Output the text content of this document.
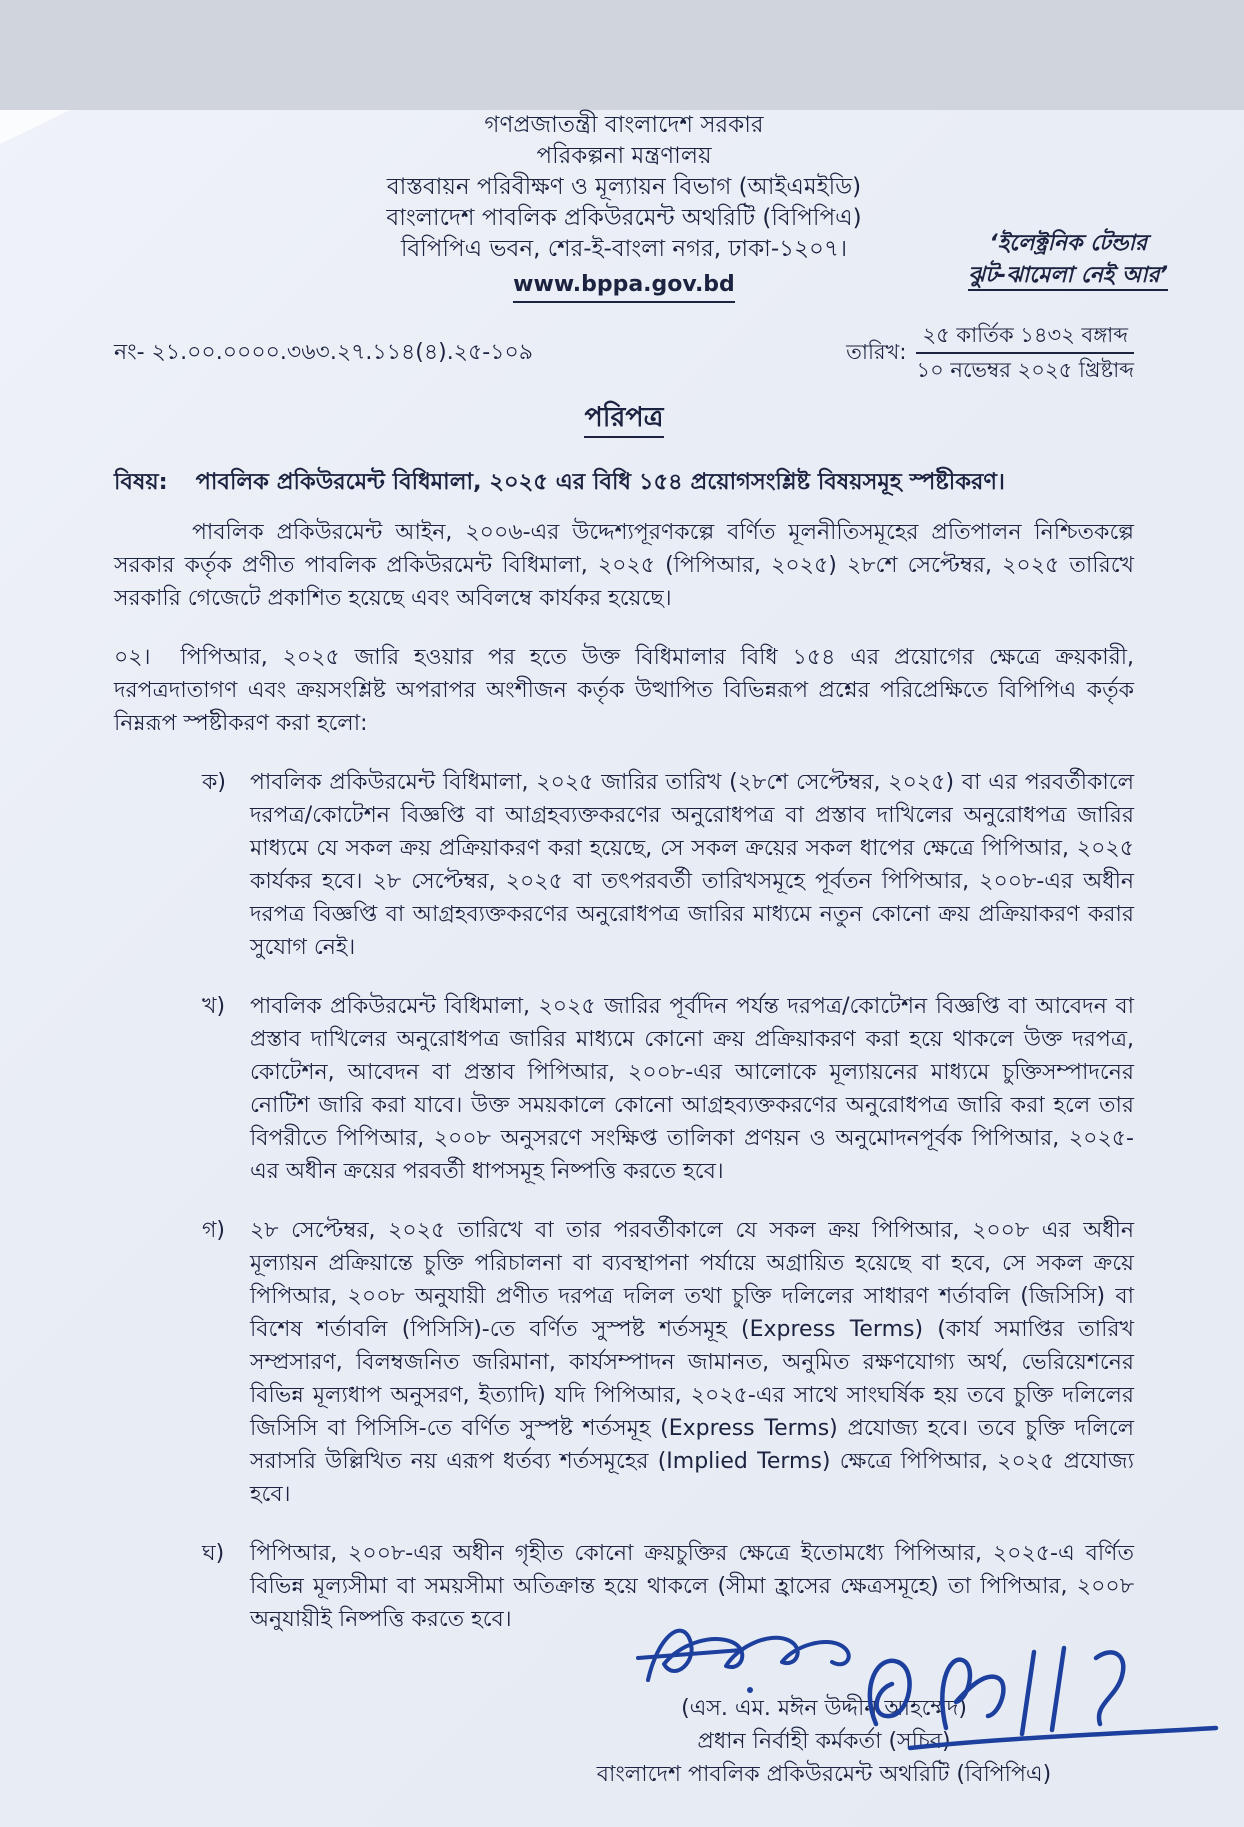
‘ইলেক্ট্রনিক টেন্ডার
ঝুট-ঝামেলা নেই আর’
গণপ্রজাতন্ত্রী বাংলাদেশ সরকার
পরিকল্পনা মন্ত্রণালয়
বাস্তবায়ন পরিবীক্ষণ ও মূল্যায়ন বিভাগ (আইএমইডি)
বাংলাদেশ পাবলিক প্রকিউরমেন্ট অথরিটি (বিপিপিএ)
বিপিপিএ ভবন, শের-ই-বাংলা নগর, ঢাকা-১২০৭।
www.bppa.gov.bd
নং- ২১.০০.০০০০.৩৬৩.২৭.১১৪(৪).২৫-১০৯	তারিখ:
২৫ কার্তিক ১৪৩২ বঙ্গাব্দ
১০ নভেম্বর ২০২৫ খ্রিষ্টাব্দ
পরিপত্র
বিষয়: পাবলিক প্রকিউরমেন্ট বিধিমালা, ২০২৫ এর বিধি ১৫৪ প্রয়োগসংশ্লিষ্ট বিষয়সমূহ স্পষ্টীকরণ।

পাবলিক প্রকিউরমেন্ট আইন, ২০০৬-এর উদ্দেশ্যপূরণকল্পে বর্ণিত মূলনীতিসমূহের প্রতিপালন নিশ্চিতকল্পে সরকার কর্তৃক প্রণীত পাবলিক প্রকিউরমেন্ট বিধিমালা, ২০২৫ (পিপিআর, ২০২৫) ২৮শে সেপ্টেম্বর, ২০২৫ তারিখে সরকারি গেজেটে প্রকাশিত হয়েছে এবং অবিলম্বে কার্যকর হয়েছে।

০২। পিপিআর, ২০২৫ জারি হওয়ার পর হতে উক্ত বিধিমালার বিধি ১৫৪ এর প্রয়োগের ক্ষেত্রে ক্রয়কারী, দরপত্রদাতাগণ এবং ক্রয়সংশ্লিষ্ট অপরাপর অংশীজন কর্তৃক উত্থাপিত বিভিন্নরূপ প্রশ্নের পরিপ্রেক্ষিতে বিপিপিএ কর্তৃক নিম্নরূপ স্পষ্টীকরণ করা হলো:

ক)	পাবলিক প্রকিউরমেন্ট বিধিমালা, ২০২৫ জারির তারিখ (২৮শে সেপ্টেম্বর, ২০২৫) বা এর পরবর্তীকালে দরপত্র/কোটেশন বিজ্ঞপ্তি বা আগ্রহব্যক্তকরণের অনুরোধপত্র বা প্রস্তাব দাখিলের অনুরোধপত্র জারির মাধ্যমে যে সকল ক্রয় প্রক্রিয়াকরণ করা হয়েছে, সে সকল ক্রয়ের সকল ধাপের ক্ষেত্রে পিপিআর, ২০২৫ কার্যকর হবে। ২৮ সেপ্টেম্বর, ২০২৫ বা তৎপরবর্তী তারিখসমূহে পূর্বতন পিপিআর, ২০০৮-এর অধীন দরপত্র বিজ্ঞপ্তি বা আগ্রহব্যক্তকরণের অনুরোধপত্র জারির মাধ্যমে নতুন কোনো ক্রয় প্রক্রিয়াকরণ করার সুযোগ নেই।
খ)	পাবলিক প্রকিউরমেন্ট বিধিমালা, ২০২৫ জারির পূর্বদিন পর্যন্ত দরপত্র/কোটেশন বিজ্ঞপ্তি বা আবেদন বা প্রস্তাব দাখিলের অনুরোধপত্র জারির মাধ্যমে কোনো ক্রয় প্রক্রিয়াকরণ করা হয়ে থাকলে উক্ত দরপত্র, কোটেশন, আবেদন বা প্রস্তাব পিপিআর, ২০০৮-এর আলোকে মূল্যায়নের মাধ্যমে চুক্তিসম্পাদনের নোটিশ জারি করা যাবে। উক্ত সময়কালে কোনো আগ্রহব্যক্তকরণের অনুরোধপত্র জারি করা হলে তার বিপরীতে পিপিআর, ২০০৮ অনুসরণে সংক্ষিপ্ত তালিকা প্রণয়ন ও অনুমোদনপূর্বক পিপিআর, ২০২৫-এর অধীন ক্রয়ের পরবর্তী ধাপসমূহ নিষ্পত্তি করতে হবে।
গ)	২৮ সেপ্টেম্বর, ২০২৫ তারিখে বা তার পরবর্তীকালে যে সকল ক্রয় পিপিআর, ২০০৮ এর অধীন মূল্যায়ন প্রক্রিয়ান্তে চুক্তি পরিচালনা বা ব্যবস্থাপনা পর্যায়ে অগ্রায়িত হয়েছে বা হবে, সে সকল ক্রয়ে পিপিআর, ২০০৮ অনুযায়ী প্রণীত দরপত্র দলিল তথা চুক্তি দলিলের সাধারণ শর্তাবলি (জিসিসি) বা বিশেষ শর্তাবলি (পিসিসি)-তে বর্ণিত সুস্পষ্ট শর্তসমূহ (Express Terms) (কার্য সমাপ্তির তারিখ সম্প্রসারণ, বিলম্বজনিত জরিমানা, কার্যসম্পাদন জামানত, অনুমিত রক্ষণযোগ্য অর্থ, ভেরিয়েশনের বিভিন্ন মূল্যধাপ অনুসরণ, ইত্যাদি) যদি পিপিআর, ২০২৫-এর সাথে সাংঘর্ষিক হয় তবে চুক্তি দলিলের জিসিসি বা পিসিসি-তে বর্ণিত সুস্পষ্ট শর্তসমূহ (Express Terms) প্রযোজ্য হবে। তবে চুক্তি দলিলে সরাসরি উল্লিখিত নয় এরূপ ধর্তব্য শর্তসমূহের (Implied Terms) ক্ষেত্রে পিপিআর, ২০২৫ প্রযোজ্য হবে।
ঘ)	পিপিআর, ২০০৮-এর অধীন গৃহীত কোনো ক্রয়চুক্তির ক্ষেত্রে ইতোমধ্যে পিপিআর, ২০২৫-এ বর্ণিত বিভিন্ন মূল্যসীমা বা সময়সীমা অতিক্রান্ত হয়ে থাকলে (সীমা হ্রাসের ক্ষেত্রসমূহে) তা পিপিআর, ২০০৮ অনুযায়ীই নিষ্পত্তি করতে হবে।
(এস. এম. মঈন উদ্দীন আহম্মেদ)
প্রধান নির্বাহী কর্মকর্তা (সচিব)
বাংলাদেশ পাবলিক প্রকিউরমেন্ট অথরিটি (বিপিপিএ)
